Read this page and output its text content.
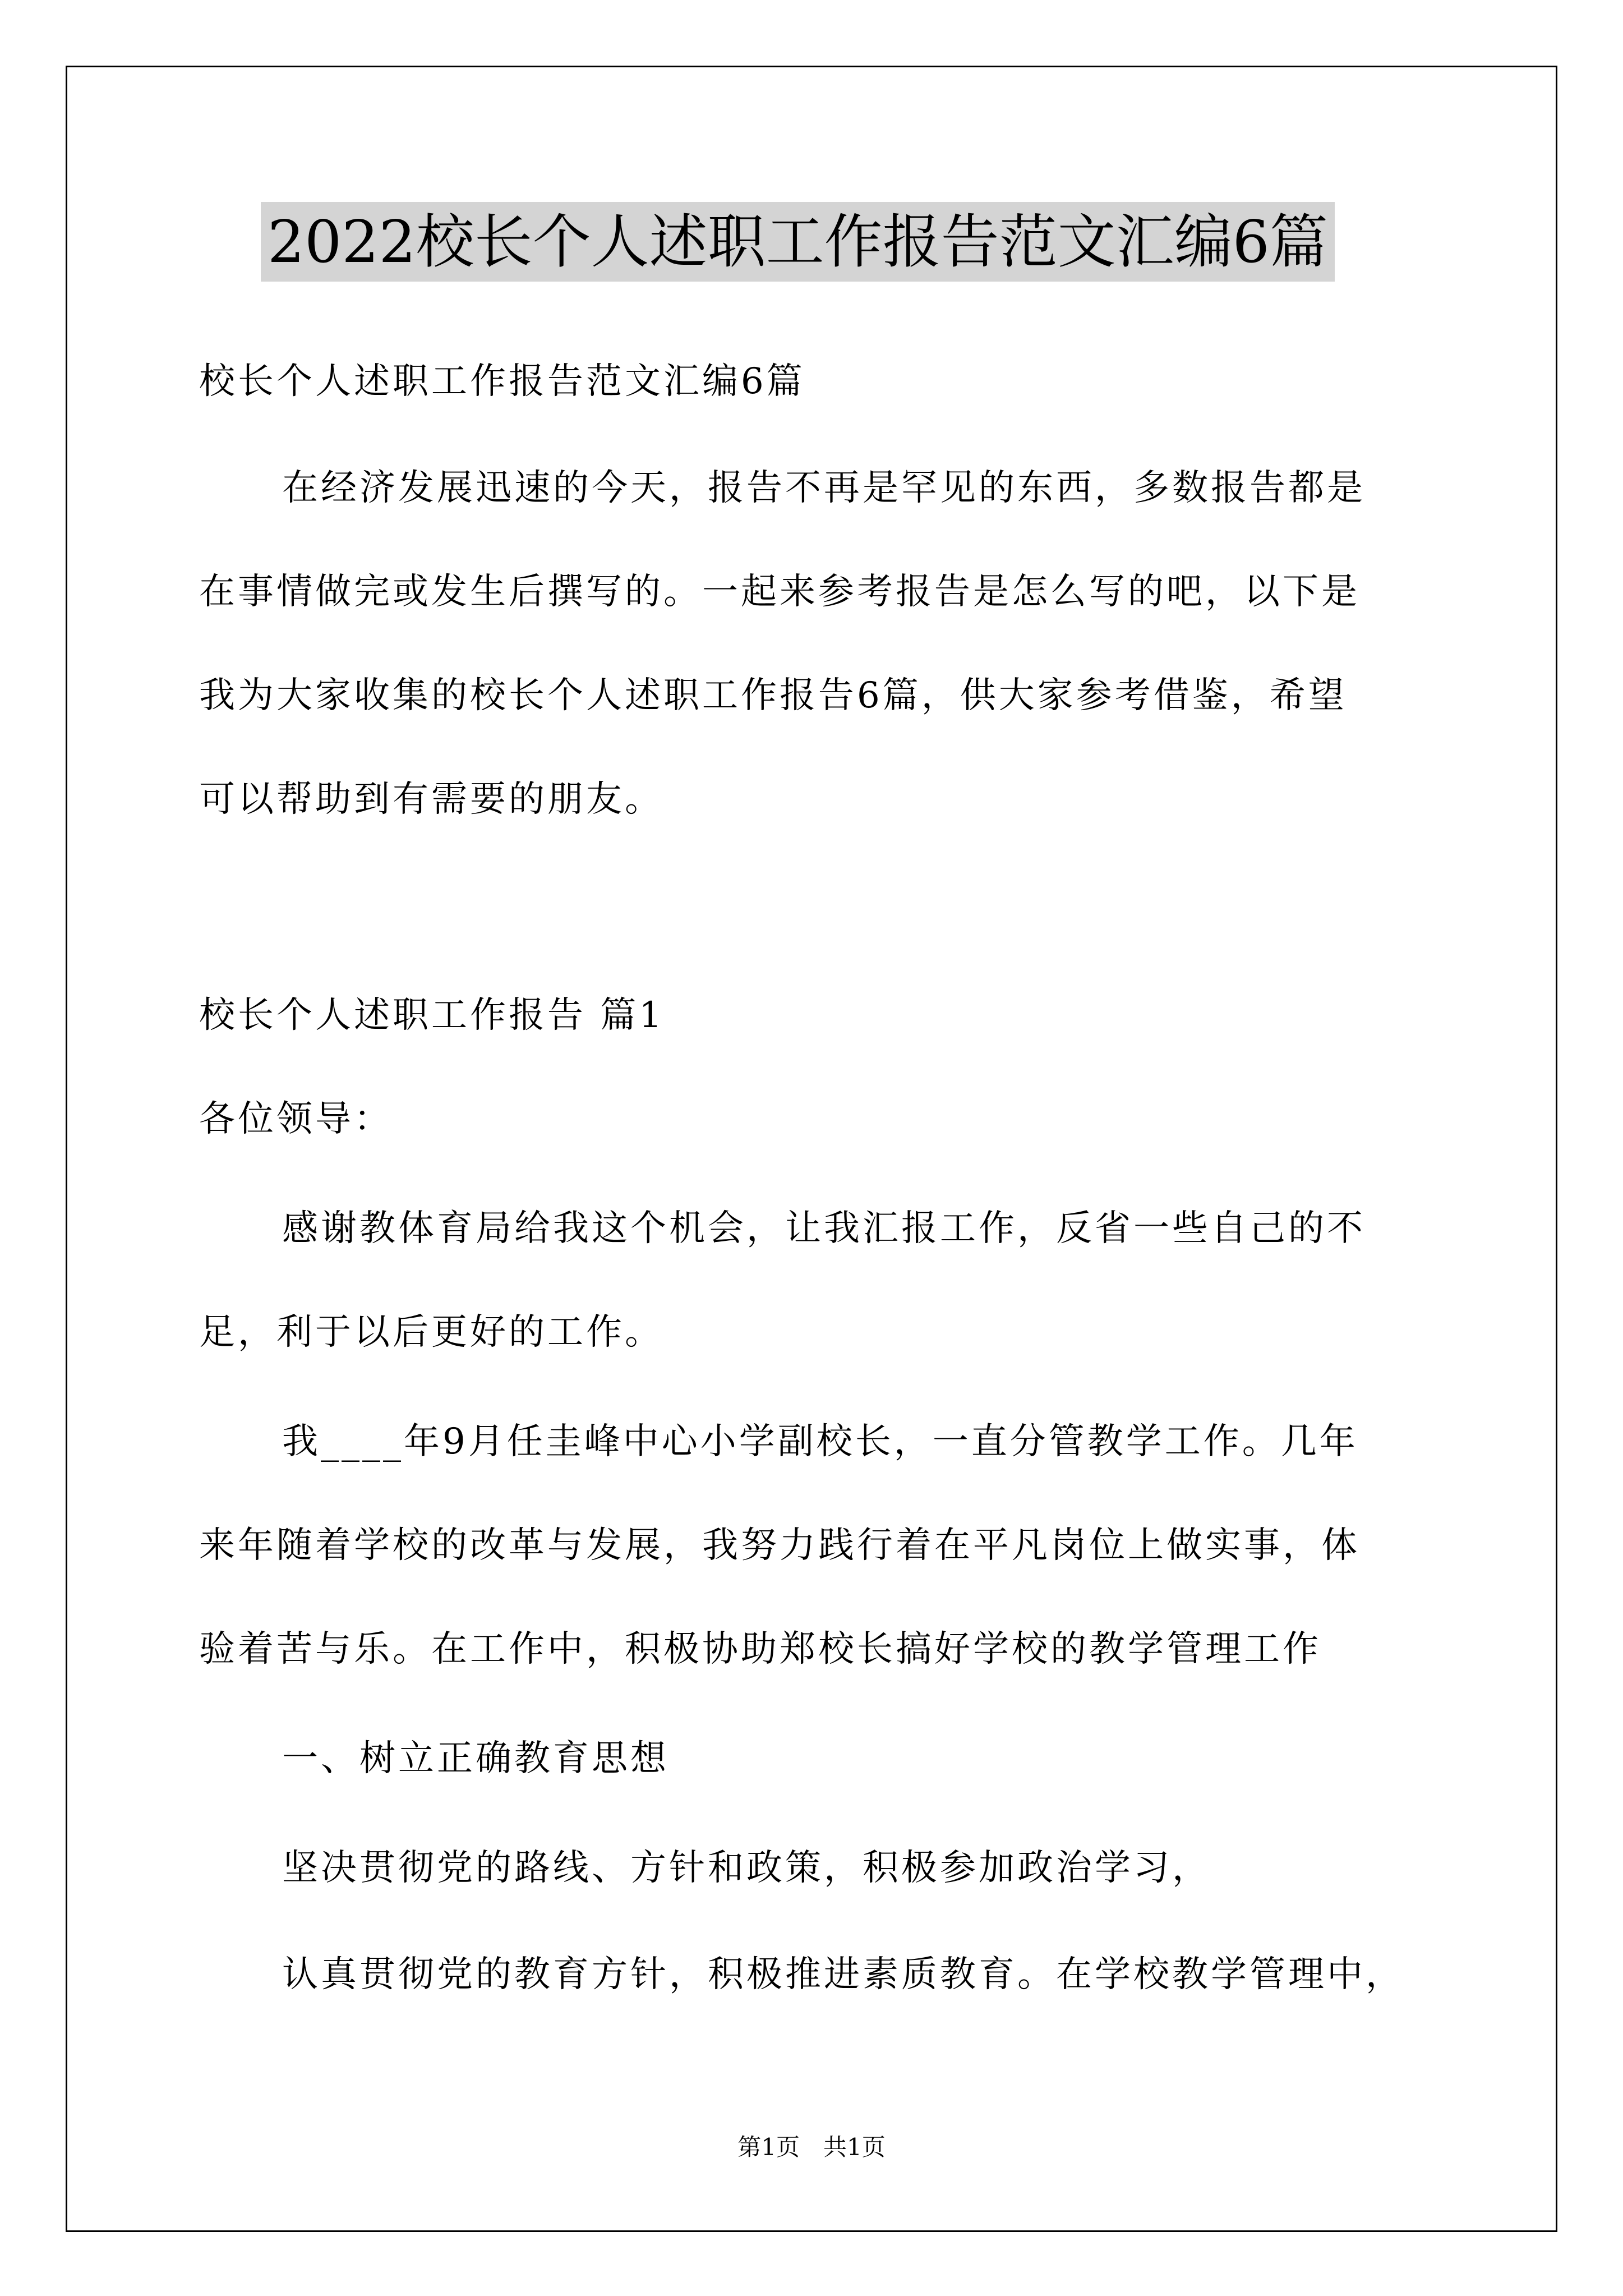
2022校长个人述职工作报告范文汇编6篇
校长个人述职工作报告范文汇编6篇
在经济发展迅速的今天，报告不再是罕见的东西，多数报告都是
在事情做完或发生后撰写的。一起来参考报告是怎么写的吧，以下是
我为大家收集的校长个人述职工作报告6篇，供大家参考借鉴，希望
可以帮助到有需要的朋友。
校长个人述职工作报告 篇1
各位领导：
感谢教体育局给我这个机会，让我汇报工作，反省一些自己的不
足，利于以后更好的工作。
我____年9月任圭峰中心小学副校长，一直分管教学工作。几年
来年随着学校的改革与发展，我努力践行着在平凡岗位上做实事，体
验着苦与乐。在工作中，积极协助郑校长搞好学校的教学管理工作
一、树立正确教育思想
坚决贯彻党的路线、方针和政策，积极参加政治学习，
认真贯彻党的教育方针，积极推进素质教育。在学校教学管理中，
第1页　共1页
